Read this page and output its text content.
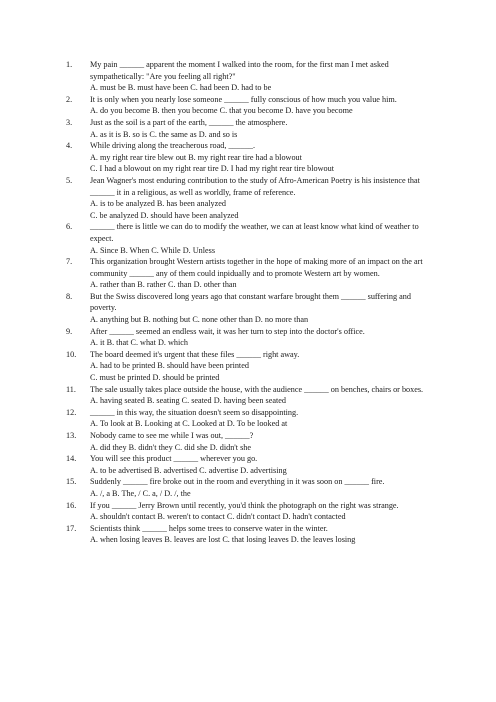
1. My pain ______ apparent the moment I walked into the room, for the first man I met asked sympathetically: "Are you feeling all right?"
A. must be B. must have been C. had been D. had to be
2. It is only when you nearly lose someone ______ fully conscious of how much you value him.
A. do you become B. then you become C. that you become D. have you become
3. Just as the soil is a part of the earth, ______ the atmosphere.
A. as it is B. so is C. the same as D. and so is
4. While driving along the treacherous road, ______.
A. my right rear tire blew out B. my right rear tire had a blowout
C. I had a blowout on my right rear tire D. I had my right rear tire blowout
5. Jean Wagner's most enduring contribution to the study of Afro-American Poetry is his insistence that ______ it in a religious, as well as worldly, frame of reference.
A. is to be analyzed B. has been analyzed
C. be analyzed D. should have been analyzed
6. ______ there is little we can do to modify the weather, we can at least know what kind of weather to expect.
A. Since B. When C. While D. Unless
7. This organization brought Western artists together in the hope of making more of an impact on the art community ______ any of them could inpidually and to promote Western art by women.
A. rather than B. rather C. than D. other than
8. But the Swiss discovered long years ago that constant warfare brought them ______ suffering and poverty.
A. anything but B. nothing but C. none other than D. no more than
9. After ______ seemed an endless wait, it was her turn to step into the doctor's office.
A. it B. that C. what D. which
10. The board deemed it's urgent that these files ______ right away.
A. had to be printed B. should have been printed
C. must be printed D. should be printed
11. The sale usually takes place outside the house, with the audience ______ on benches, chairs or boxes.
A. having seated B. seating C. seated D. having been seated
12. ______ in this way, the situation doesn't seem so disappointing.
A. To look at B. Looking at C. Looked at D. To be looked at
13. Nobody came to see me while I was out, ______?
A. did they B. didn't they C. did she D. didn't she
14. You will see this product ______ wherever you go.
A. to be advertised B. advertised C. advertise D. advertising
15. Suddenly ______ fire broke out in the room and everything in it was soon on ______ fire.
A. /, a B. The, / C. a, / D. /, the
16. If you ______ Jerry Brown until recently, you'd think the photograph on the right was strange.
A. shouldn't contact B. weren't to contact C. didn't contact D. hadn't contacted
17. Scientists think ______ helps some trees to conserve water in the winter.
A. when losing leaves B. leaves are lost C. that losing leaves D. the leaves losing
